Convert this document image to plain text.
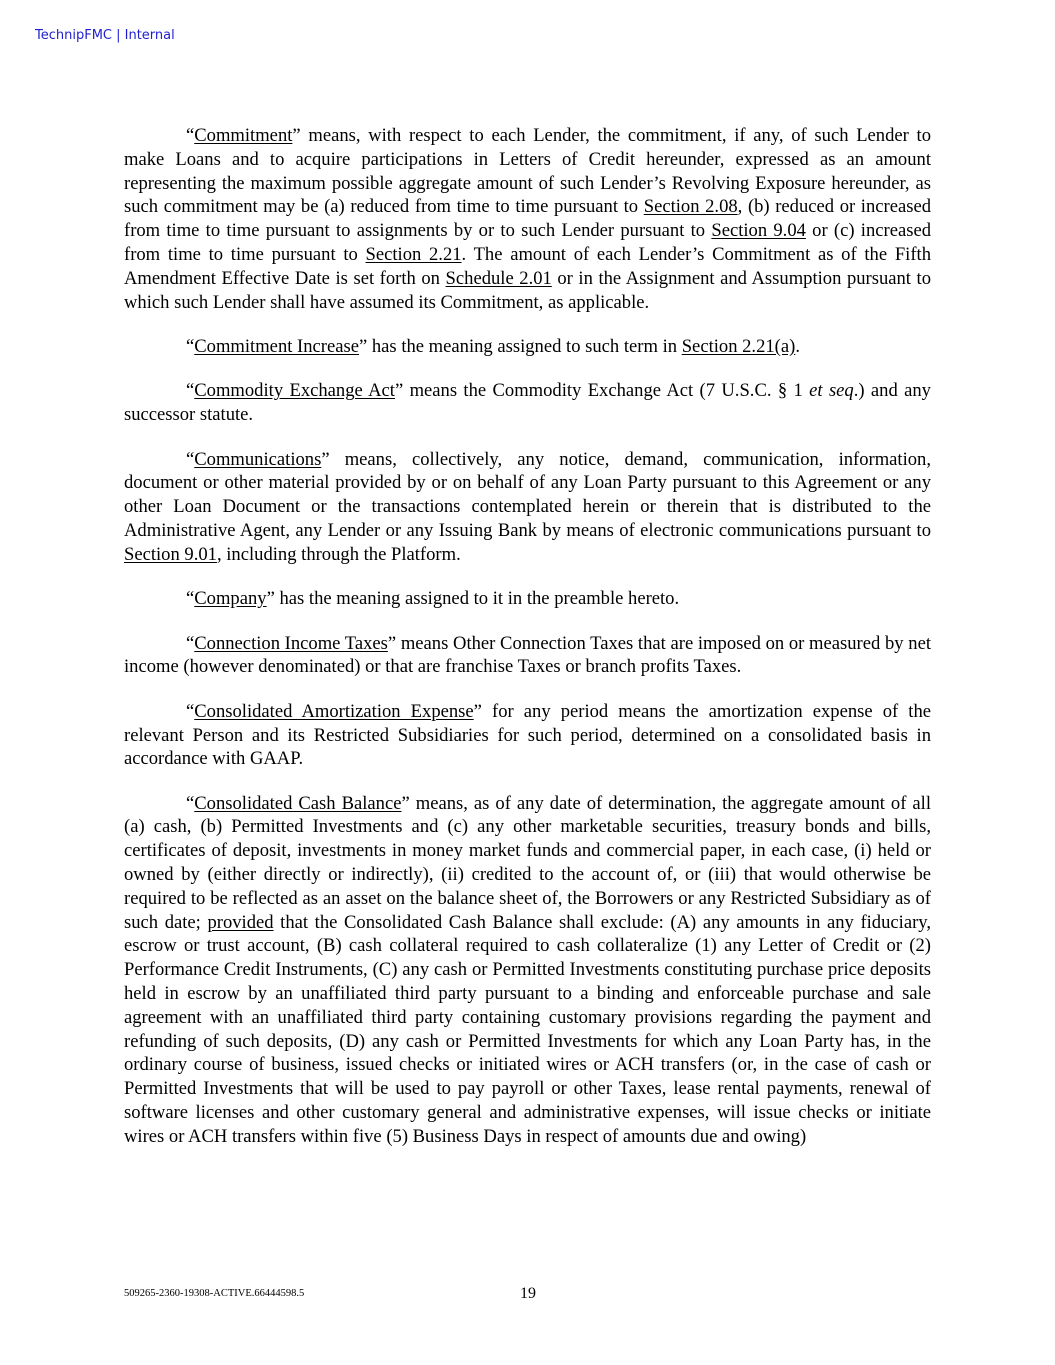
TechnipFMC | Internal

“Commitment” means, with respect to each Lender, the commitment, if any, of such Lender to make Loans and to acquire participations in Letters of Credit hereunder, expressed as an amount representing the maximum possible aggregate amount of such Lender’s Revolving Exposure hereunder, as such commitment may be (a) reduced from time to time pursuant to Section 2.08, (b) reduced or increased from time to time pursuant to assignments by or to such Lender pursuant to Section 9.04 or (c) increased from time to time pursuant to Section 2.21. The amount of each Lender’s Commitment as of the Fifth Amendment Effective Date is set forth on Schedule 2.01 or in the Assignment and Assumption pursuant to which such Lender shall have assumed its Commitment, as applicable.

“Commitment Increase” has the meaning assigned to such term in Section 2.21(a).

“Commodity Exchange Act” means the Commodity Exchange Act (7 U.S.C. § 1 et seq.) and any successor statute.

“Communications” means, collectively, any notice, demand, communication, information, document or other material provided by or on behalf of any Loan Party pursuant to this Agreement or any other Loan Document or the transactions contemplated herein or therein that is distributed to the Administrative Agent, any Lender or any Issuing Bank by means of electronic communications pursuant to Section 9.01, including through the Platform.

“Company” has the meaning assigned to it in the preamble hereto.

“Connection Income Taxes” means Other Connection Taxes that are imposed on or measured by net income (however denominated) or that are franchise Taxes or branch profits Taxes.

“Consolidated Amortization Expense” for any period means the amortization expense of the relevant Person and its Restricted Subsidiaries for such period, determined on a consolidated basis in accordance with GAAP.

“Consolidated Cash Balance” means, as of any date of determination, the aggregate amount of all (a) cash, (b) Permitted Investments and (c) any other marketable securities, treasury bonds and bills, certificates of deposit, investments in money market funds and commercial paper, in each case, (i) held or owned by (either directly or indirectly), (ii) credited to the account of, or (iii) that would otherwise be required to be reflected as an asset on the balance sheet of, the Borrowers or any Restricted Subsidiary as of such date; provided that the Consolidated Cash Balance shall exclude: (A) any amounts in any fiduciary, escrow or trust account, (B) cash collateral required to cash collateralize (1) any Letter of Credit or (2) Performance Credit Instruments, (C) any cash or Permitted Investments constituting purchase price deposits held in escrow by an unaffiliated third party pursuant to a binding and enforceable purchase and sale agreement with an unaffiliated third party containing customary provisions regarding the payment and refunding of such deposits, (D) any cash or Permitted Investments for which any Loan Party has, in the ordinary course of business, issued checks or initiated wires or ACH transfers (or, in the case of cash or Permitted Investments that will be used to pay payroll or other Taxes, lease rental payments, renewal of software licenses and other customary general and administrative expenses, will issue checks or initiate wires or ACH transfers within five (5) Business Days in respect of amounts due and owing)

509265-2360-19308-ACTIVE.66444598.5	19
